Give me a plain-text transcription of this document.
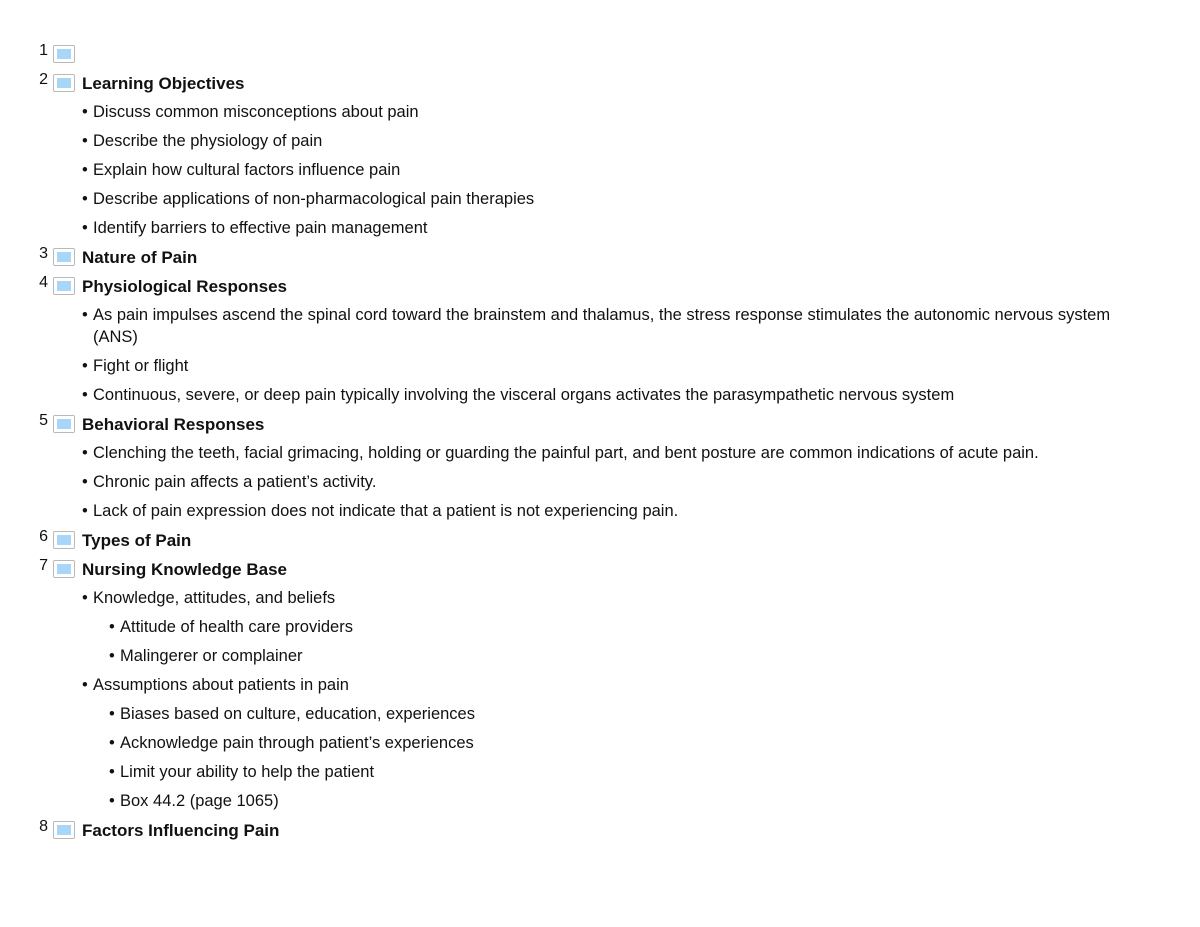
1
2 Learning Objectives
• Discuss common misconceptions about pain
• Describe the physiology of pain
• Explain how cultural factors influence pain
• Describe applications of non-pharmacological pain therapies
• Identify barriers to effective pain management
3 Nature of Pain
4 Physiological Responses
• As pain impulses ascend the spinal cord toward the brainstem and thalamus, the stress response stimulates the autonomic nervous system (ANS)
• Fight or flight
• Continuous, severe, or deep pain typically involving the visceral organs activates the parasympathetic nervous system
5 Behavioral Responses
• Clenching the teeth, facial grimacing, holding or guarding the painful part, and bent posture are common indications of acute pain.
• Chronic pain affects a patient’s activity.
• Lack of pain expression does not indicate that a patient is not experiencing pain.
6 Types of Pain
7 Nursing Knowledge Base
• Knowledge, attitudes, and beliefs
• Attitude of health care providers
• Malingerer or complainer
• Assumptions about patients in pain
• Biases based on culture, education, experiences
• Acknowledge pain through patient’s experiences
• Limit your ability to help the patient
• Box 44.2 (page 1065)
8 Factors Influencing Pain
